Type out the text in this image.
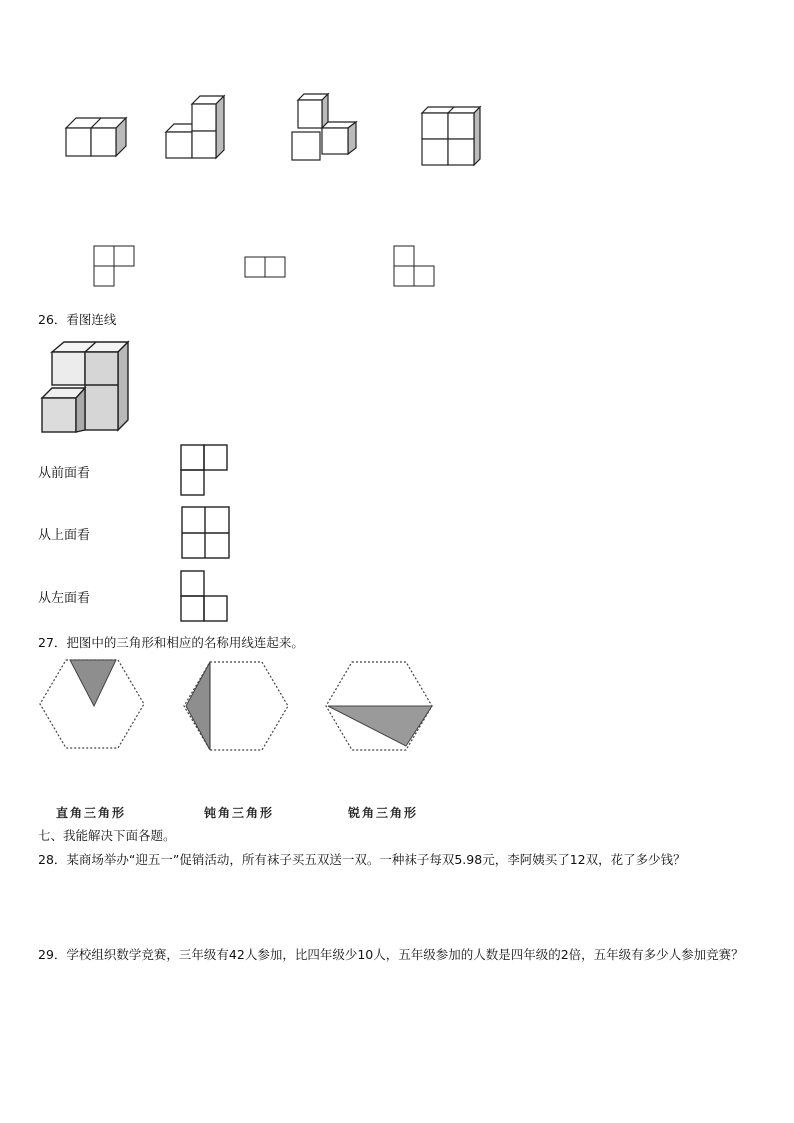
26．看图连线
从前面看
从上面看
从左面看
27．把图中的三角形和相应的名称用线连起来。
直角三角形	钝角三角形	锐角三角形
七、我能解决下面各题。
28．某商场举办“迎五一”促销活动，所有袜子买五双送一双。一种袜子每双5.98元，李阿姨买了12双，花了多少钱？
29．学校组织数学竞赛，三年级有42人参加，比四年级少10人，五年级参加的人数是四年级的2倍，五年级有多少人参加竞赛？
